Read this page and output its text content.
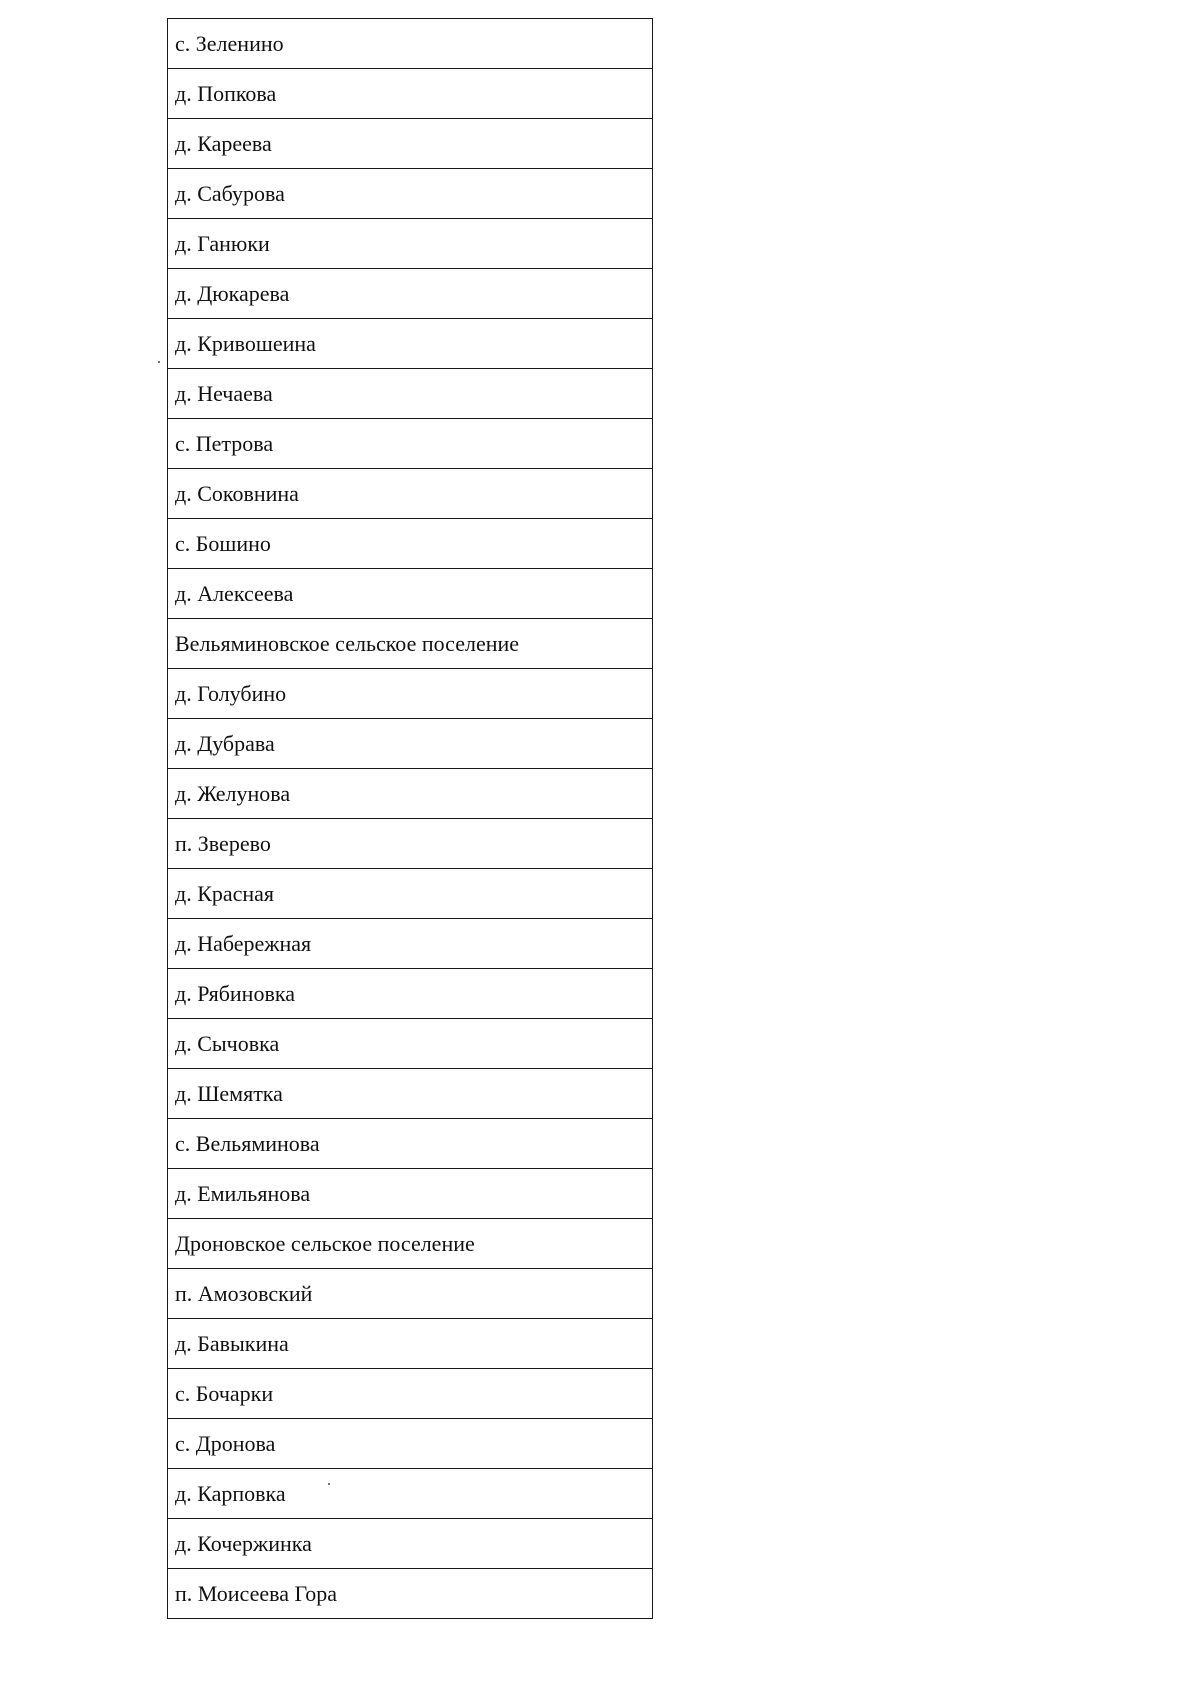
с. Зеленино
д. Попкова
д. Кареева
д. Сабурова
д. Ганюки
д. Дюкарева
д. Кривошеина
д. Нечаева
с. Петрова
д. Соковнина
с. Бошино
д. Алексеева
Вельяминовское сельское поселение
д. Голубино
д. Дубрава
д. Желунова
п. Зверево
д. Красная
д. Набережная
д. Рябиновка
д. Сычовка
д. Шемятка
с. Вельяминова
д. Емильянова
Дроновское сельское поселение
п. Амозовский
д. Бавыкина
с. Бочарки
с. Дронова
д. Карповка
д. Кочержинка
п. Моисеева Гора
